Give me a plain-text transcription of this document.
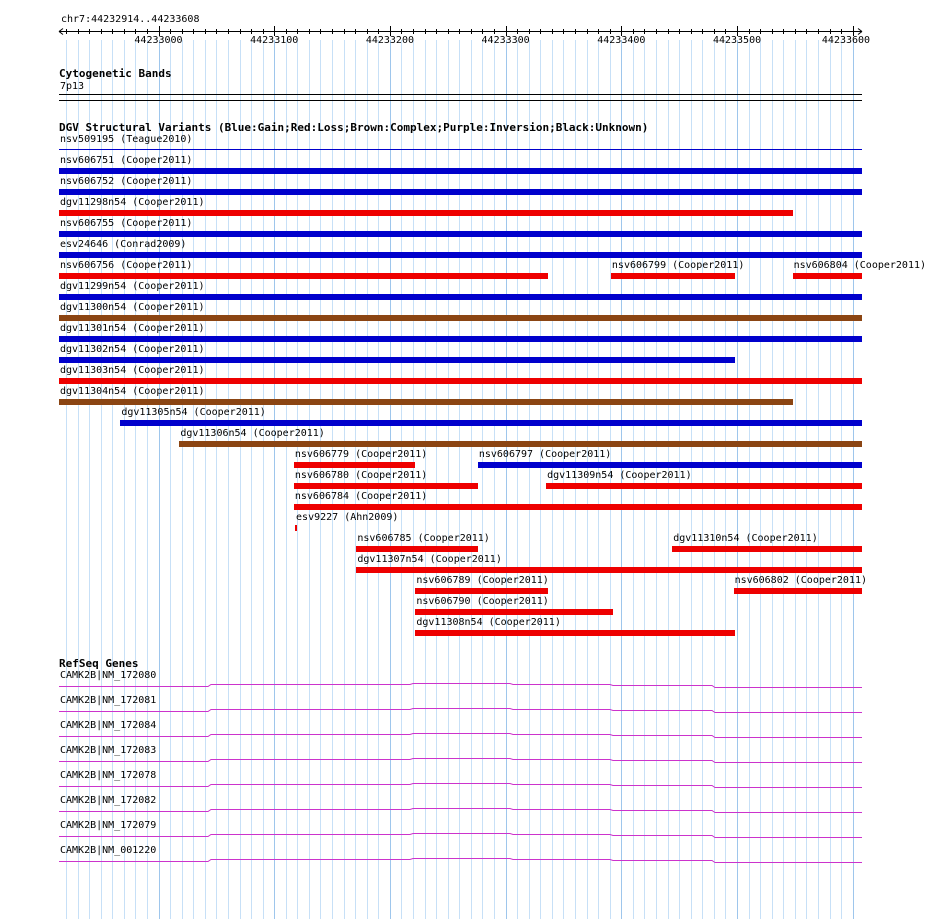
chr7:44232914..44233608
44233000	44233100	44233200	44233300	44233400	44233500	44233600
Cytogenetic Bands
7p13
DGV Structural Variants (Blue:Gain;Red:Loss;Brown:Complex;Purple:Inversion;Black:Unknown)
nsv509195 (Teague2010)
nsv606751 (Cooper2011)
nsv606752 (Cooper2011)
dgv11298n54 (Cooper2011)
nsv606755 (Cooper2011)
esv24646 (Conrad2009)
nsv606756 (Cooper2011)	nsv606799 (Cooper2011)	nsv606804 (Cooper2011)
dgv11299n54 (Cooper2011)
dgv11300n54 (Cooper2011)
dgv11301n54 (Cooper2011)
dgv11302n54 (Cooper2011)
dgv11303n54 (Cooper2011)
dgv11304n54 (Cooper2011)
dgv11305n54 (Cooper2011)
dgv11306n54 (Cooper2011)
nsv606779 (Cooper2011)	nsv606797 (Cooper2011)
nsv606780 (Cooper2011)	dgv11309n54 (Cooper2011)
nsv606784 (Cooper2011)
esv9227 (Ahn2009)
nsv606785 (Cooper2011)	dgv11310n54 (Cooper2011)
dgv11307n54 (Cooper2011)
nsv606789 (Cooper2011)	nsv606802 (Cooper2011)
nsv606790 (Cooper2011)
dgv11308n54 (Cooper2011)
RefSeq Genes
CAMK2B|NM_172080
CAMK2B|NM_172081
CAMK2B|NM_172084
CAMK2B|NM_172083
CAMK2B|NM_172078
CAMK2B|NM_172082
CAMK2B|NM_172079
CAMK2B|NM_001220
